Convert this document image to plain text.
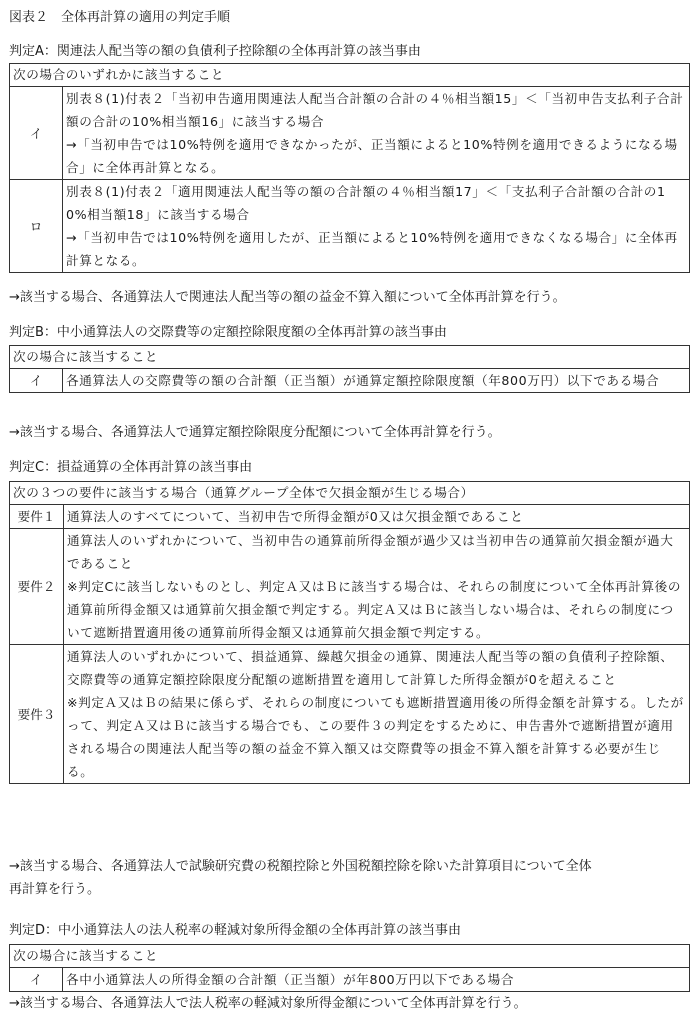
図表２　全体再計算の適用の判定手順
判定A：関連法人配当等の額の負債利子控除額の全体再計算の該当事由
次の場合のいずれかに該当すること	
イ	別表８(1)付表２「当初申告適用関連法人配当合計額の合計の４％相当額15」＜「当初申告支払利子合計額の合計の10%相当額16」に該当する場合
→「当初申告では10%特例を適用できなかったが、正当額によると10%特例を適用できるようになる場合」に全体再計算となる。

ロ	別表８(1)付表２「適用関連法人配当等の額の合計額の４％相当額17」＜「支払利子合計額の合計の10%相当額18」に該当する場合
→「当初申告では10%特例を適用したが、正当額によると10%特例を適用できなくなる場合」に全体再計算となる。
→該当する場合、各通算法人で関連法人配当等の額の益金不算入額について全体再計算を行う。
判定B：中小通算法人の交際費等の定額控除限度額の全体再計算の該当事由
次の場合に該当すること
イ	各通算法人の交際費等の額の合計額（正当額）が通算定額控除限度額（年800万円）以下である場合
→該当する場合、各通算法人で通算定額控除限度分配額について全体再計算を行う。
判定C：損益通算の全体再計算の該当事由
次の３つの要件に該当する場合（通算グループ全体で欠損金額が生じる場合）	
要件１	通算法人のすべてについて、当初申告で所得金額が0又は欠損金額であること

要件２	通算法人のいずれかについて、当初申告の通算前所得金額が過少又は当初申告の通算前欠損金額が過大であること
※判定Cに該当しないものとし、判定Ａ又はＢに該当する場合は、それらの制度について全体再計算後の通算前所得金額又は通算前欠損金額で判定する。判定Ａ又はＢに該当しない場合は、それらの制度について遮断措置適用後の通算前所得金額又は通算前欠損金額で判定する。

要件３	通算法人のいずれかについて、損益通算、繰越欠損金の通算、関連法人配当等の額の負債利子控除額、交際費等の通算定額控除限度分配額の遮断措置を適用して計算した所得金額が0を超えること
※判定Ａ又はＢの結果に係らず、それらの制度についても遮断措置適用後の所得金額を計算する。したがって、判定Ａ又はＢに該当する場合でも、この要件３の判定をするために、申告書外で遮断措置が適用される場合の関連法人配当等の額の益金不算入額又は交際費等の損金不算入額を計算する必要が生じる。
→該当する場合、各通算法人で試験研究費の税額控除と外国税額控除を除いた計算項目について全体
再計算を行う。
判定D：中小通算法人の法人税率の軽減対象所得金額の全体再計算の該当事由
次の場合に該当すること
イ	各中小通算法人の所得金額の合計額（正当額）が年800万円以下である場合
→該当する場合、各通算法人で法人税率の軽減対象所得金額について全体再計算を行う。
